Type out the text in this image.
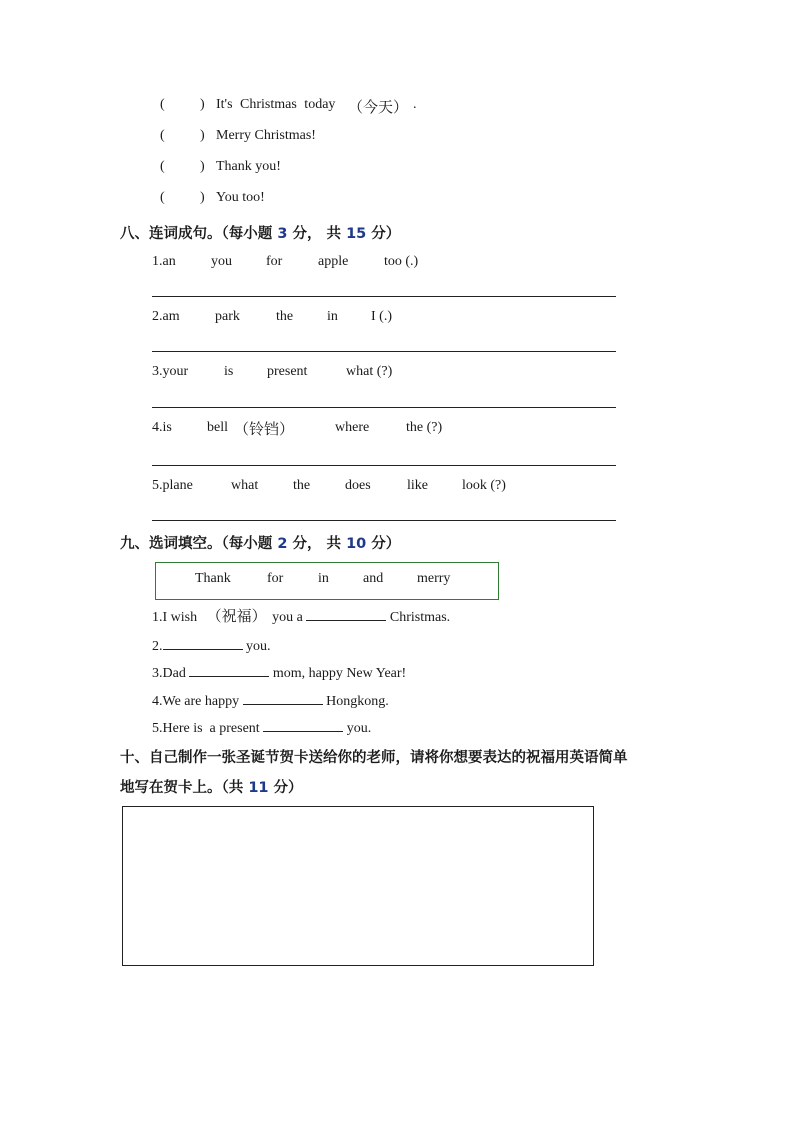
(	) It's Christmas today （今天） .
(	) Merry Christmas!
(	) Thank you!
(	) You too!
八、连词成句。（每小题 3 分， 共 15 分）
1.an	you for	apple	too (.)
2.am	park	the in I (.)
3.your	is present	what (?)
4.is	bell （铃铛）	where	the (?)
5.plane	what the does	like look (?)
九、选词填空。（每小题 2 分， 共 10 分）
Thank	for in and merry
1.I wish （祝福） you a	Christmas.
2.	you.
3.Dad	mom, happy New Year!
4.We are happy	Hongkong.
5.Here is  a present	you.
十、自己制作一张圣诞节贺卡送给你的老师，请将你想要表达的祝福用英语简单
地写在贺卡上。（共 11 分）
